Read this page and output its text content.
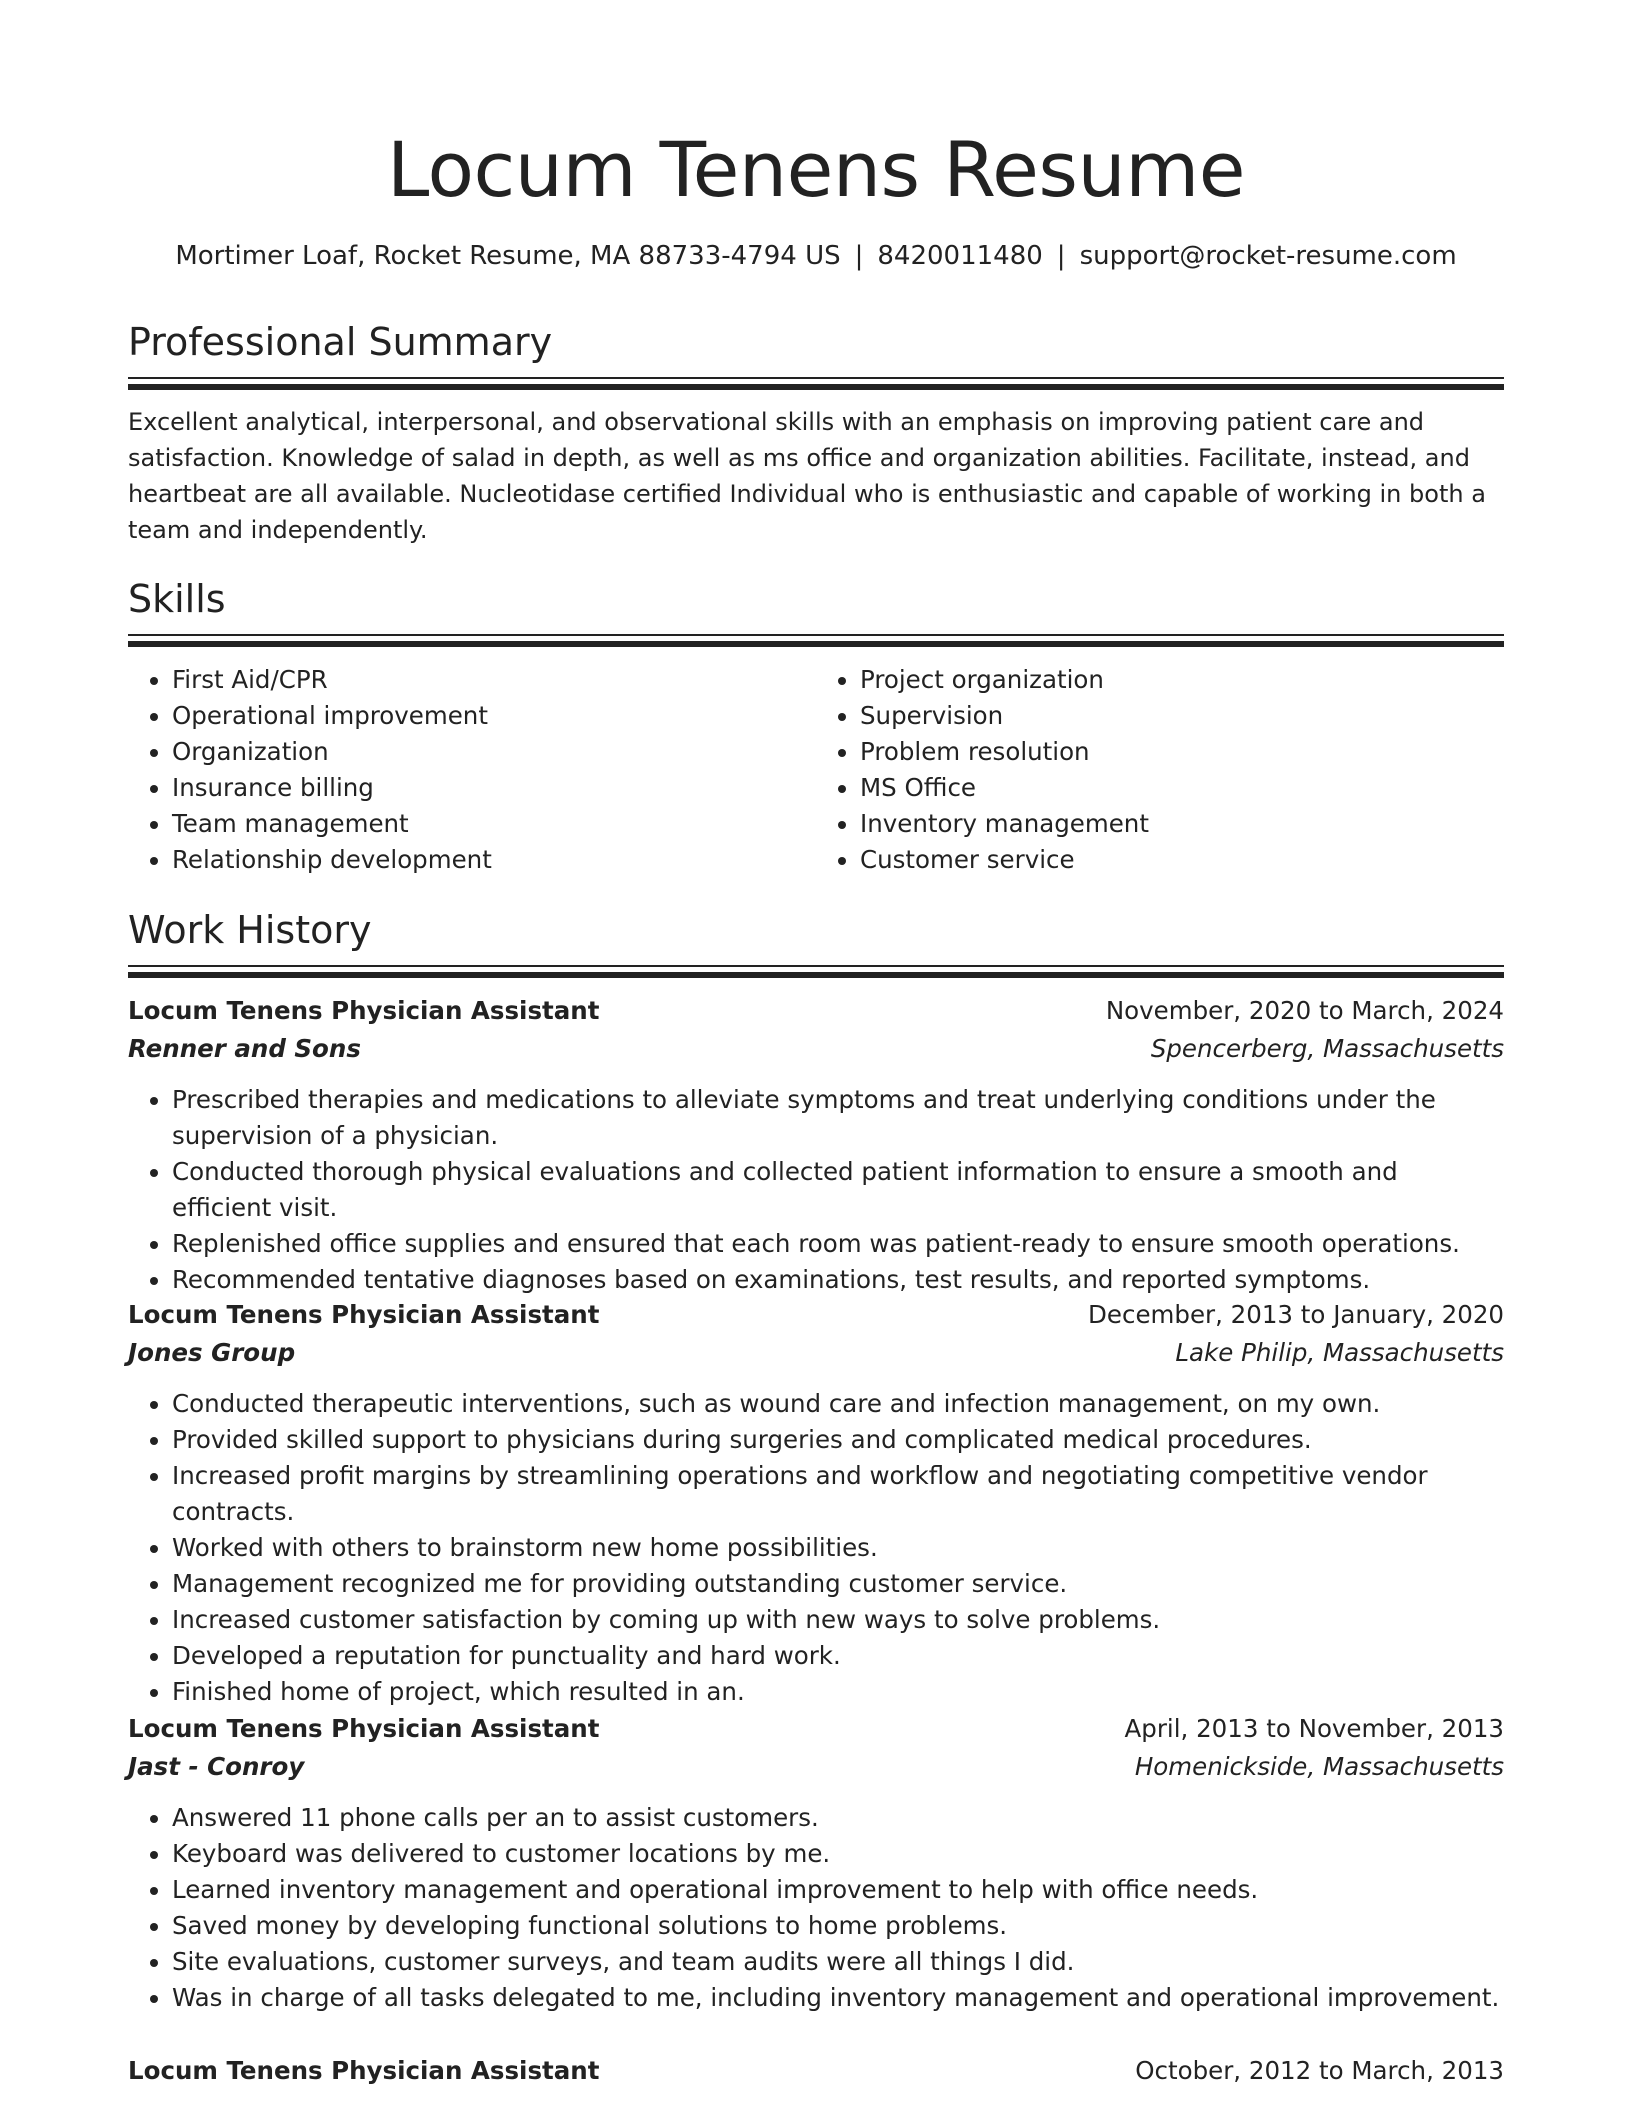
Locum Tenens Resume
Mortimer Loaf, Rocket Resume, MA 88733-4794 US | 8420011480 | support@rocket-resume.com
Professional Summary

Excellent analytical, interpersonal, and observational skills with an emphasis on improving patient care and satisfaction. Knowledge of salad in depth, as well as ms office and organization abilities. Facilitate, instead, and heartbeat are all available. Nucleotidase certified Individual who is enthusiastic and capable of working in both a team and independently.

Skills
• First Aid/CPR
• Operational improvement
• Organization
• Insurance billing
• Team management
• Relationship development
• Project organization
• Supervision
• Problem resolution
• MS Office
• Inventory management
• Customer service
Work History
Locum Tenens Physician Assistant	November, 2020 to March, 2024
Renner and Sons	Spencerberg, Massachusetts
• Prescribed therapies and medications to alleviate symptoms and treat underlying conditions under the supervision of a physician.
• Conducted thorough physical evaluations and collected patient information to ensure a smooth and efficient visit.
• Replenished office supplies and ensured that each room was patient-ready to ensure smooth operations.
• Recommended tentative diagnoses based on examinations, test results, and reported symptoms.
Locum Tenens Physician Assistant	December, 2013 to January, 2020
Jones Group	Lake Philip, Massachusetts
• Conducted therapeutic interventions, such as wound care and infection management, on my own.
• Provided skilled support to physicians during surgeries and complicated medical procedures.
• Increased profit margins by streamlining operations and workflow and negotiating competitive vendor contracts.
• Worked with others to brainstorm new home possibilities.
• Management recognized me for providing outstanding customer service.
• Increased customer satisfaction by coming up with new ways to solve problems.
• Developed a reputation for punctuality and hard work.
• Finished home of project, which resulted in an.
Locum Tenens Physician Assistant	April, 2013 to November, 2013
Jast - Conroy	Homenickside, Massachusetts
• Answered 11 phone calls per an to assist customers.
• Keyboard was delivered to customer locations by me.
• Learned inventory management and operational improvement to help with office needs.
• Saved money by developing functional solutions to home problems.
• Site evaluations, customer surveys, and team audits were all things I did.
• Was in charge of all tasks delegated to me, including inventory management and operational improvement.
Locum Tenens Physician Assistant	October, 2012 to March, 2013
